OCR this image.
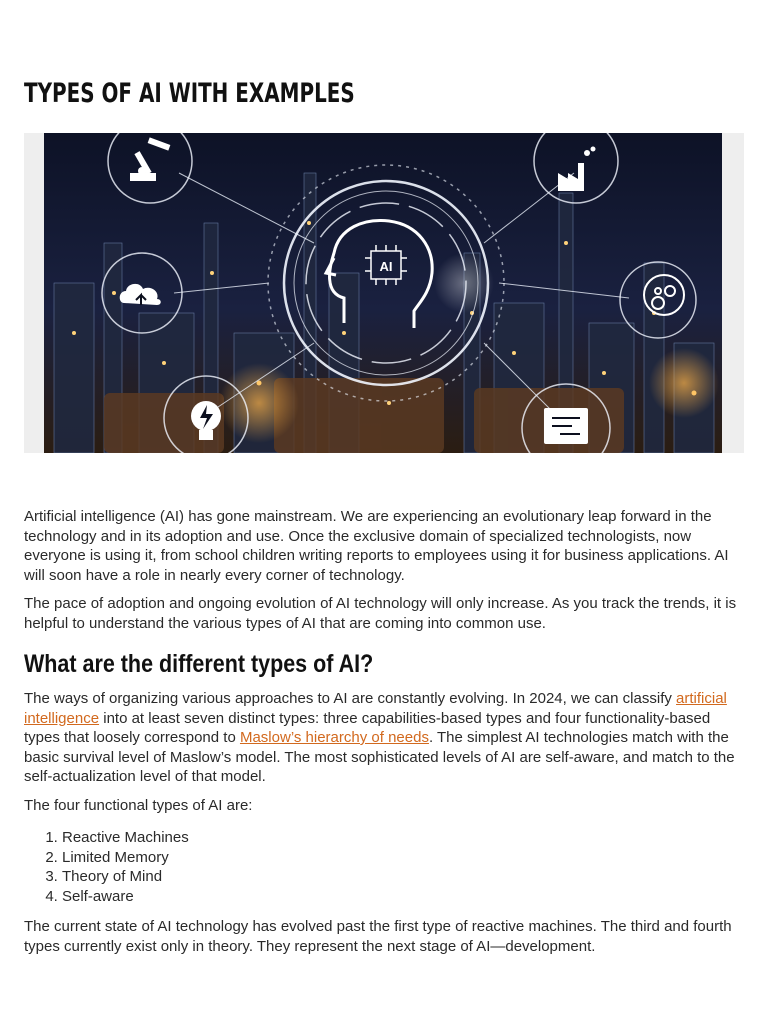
TYPES OF AI WITH EXAMPLES
AI

Artificial intelligence (AI) has gone mainstream. We are experiencing an evolutionary leap forward in the technology and in its adoption and use. Once the exclusive domain of specialized technologists, now everyone is using it, from school children writing reports to employees using it for business applications. AI will soon have a role in nearly every corner of technology.

The pace of adoption and ongoing evolution of AI technology will only increase. As you track the trends, it is helpful to understand the various types of AI that are coming into common use.

What are the different types of AI?

The ways of organizing various approaches to AI are constantly evolving. In 2024, we can classify artificial intelligence into at least seven distinct types: three capabilities-based types and four functionality-based types that loosely correspond to Maslow’s hierarchy of needs. The simplest AI technologies match with the basic survival level of Maslow’s model. The most sophisticated levels of AI are self-aware, and match to the self-actualization level of that model.

The four functional types of AI are:

1. Reactive Machines
2. Limited Memory
3. Theory of Mind
4. Self-aware

The current state of AI technology has evolved past the first type of reactive machines. The third and fourth types currently exist only in theory. They represent the next stage of AI—development.
